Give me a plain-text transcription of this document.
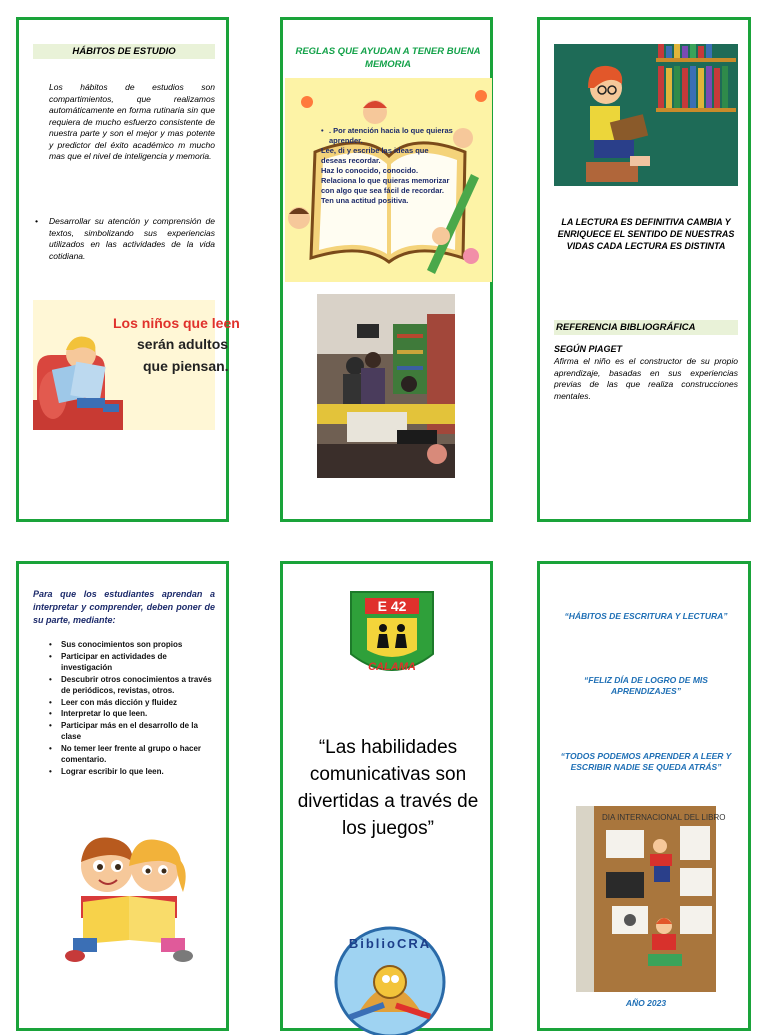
HÁBITOS DE ESTUDIO

Los hábitos de estudios son compartimientos, que realizamos automáticamente en forma rutinaria sin que requiera de mucho esfuerzo consistente de nuestra parte y son el mejor y mas potente y predictor del éxito académico m mucho mas que el nivel de inteligencia y memoria.

• Desarrollar su atención y comprensión de textos, simbolizando sus experiencias utilizados en las actividades de la vida cotidiana.
Los niños que leen
serán adultos
que piensan.
REGLAS QUE AYUDAN A TENER BUENA MEMORIA
• . Por atención hacia lo que quieras aprender.
Lee, di y escribe las ideas que deseas recordar.
Haz lo conocido, conocido.
Relaciona lo que quieras memorizar con algo que sea fácil de recordar.
Ten una actitud positiva.

LA LECTURA ES DEFINITIVA CAMBIA Y ENRIQUECE EL SENTIDO DE NUESTRAS VIDAS CADA LECTURA ES DISTINTA

REFERENCIA BIBLIOGRÁFICA
SEGÚN PIAGET

Afirma el niño es el constructor de su propio aprendizaje, basadas en sus experiencias previas de las que realiza construcciones mentales.

Para que los estudiantes aprendan a interpretar y comprender, deben poner de su parte, mediante:

• Sus conocimientos son propios
• Participar en actividades de investigación
• Descubrir otros conocimientos a través de periódicos, revistas, otros.
• Leer con más dicción y fluidez
• Interpretar lo que leen.
• Participar más en el desarrollo de la clase
• No temer leer frente al grupo o hacer comentario.
• Lograr escribir lo que leen.
E 42
CALAMA

“Las habilidades comunicativas son divertidas a través de los juegos”

BiblioCRA

“HÁBITOS DE ESCRITURA Y LECTURA”

“FELIZ DÍA DE LOGRO DE MIS APRENDIZAJES”

“TODOS PODEMOS APRENDER A LEER Y ESCRIBIR NADIE SE QUEDA ATRÁS”

DIA INTERNACIONAL DEL LIBRO
AÑO 2023
